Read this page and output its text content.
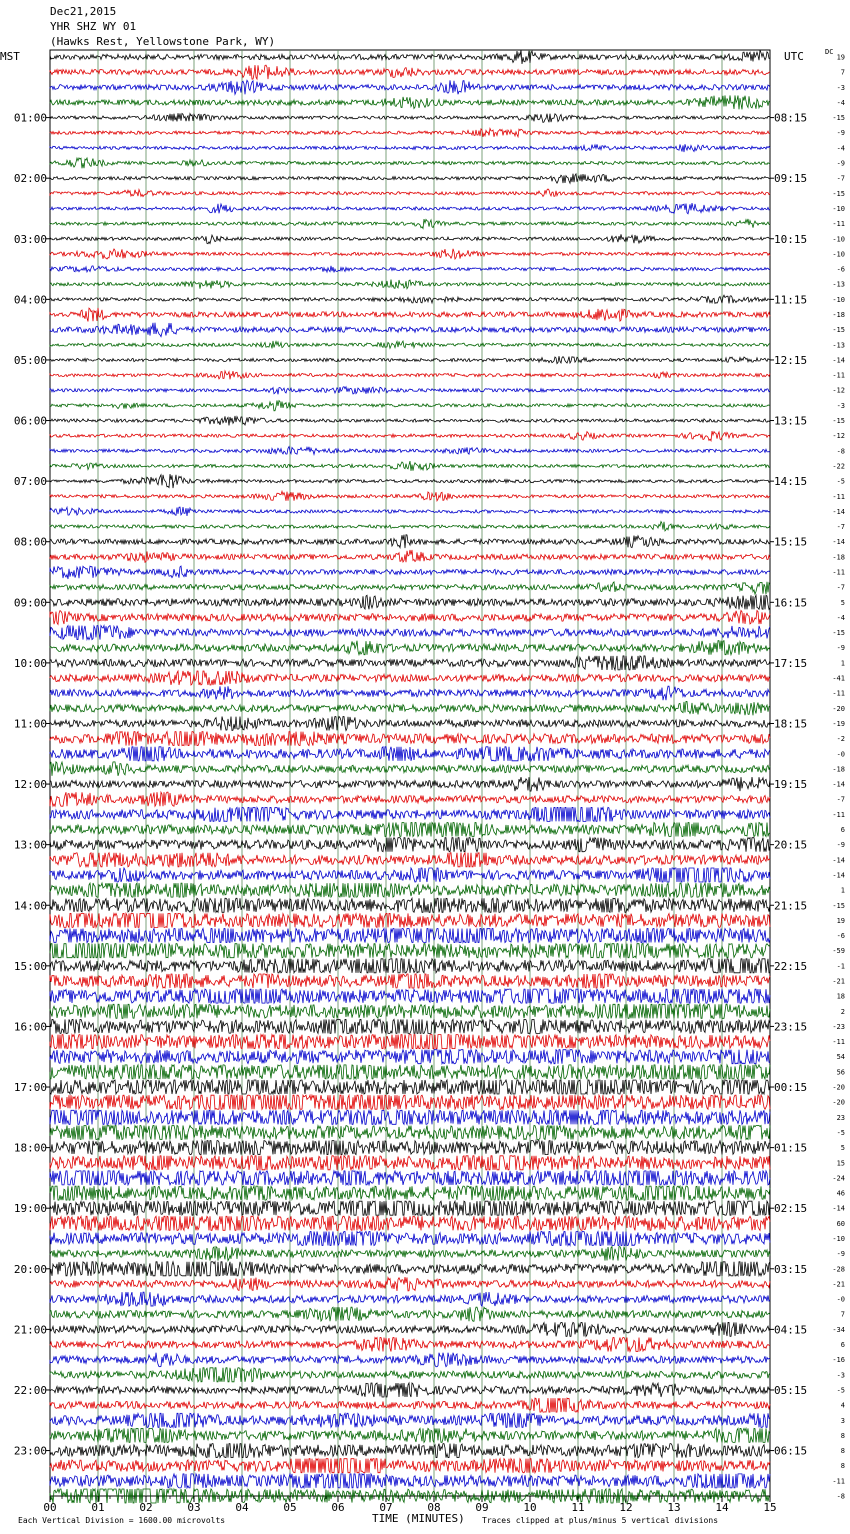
Dec21,2015
YHR SHZ WY 01
(Hawks Rest, Yellowstone Park, WY)
MST	UTC	DC
01:00
02:00
03:00
04:00
05:00
06:00
07:00
08:00
09:00
10:00
11:00
12:00
13:00
14:00
15:00
16:00
17:00
18:00
19:00
20:00
21:00
22:00
23:00
08:15
09:15
10:15
11:15
12:15
13:15
14:15
15:15
16:15
17:15
18:15
19:15
20:15
21:15
22:15
23:15
00:15
01:15
02:15
03:15
04:15
05:15
06:15
19
7
-3
-4
-15
-9
-4
-9
-7
-15
-10
-11
-10
-10
-6
-13
-10
-18
-15
-13
-14
-11
-12
-3
-15
-12
-8
-22
-5
-11
-14
-7
-14
-18
-11
-7
5
-4
-15
-9
1
-41
-11
-20
-19
-2
-0
-18
-14
-7
-11
6
-9
-14
-14
1
-15
19
-6
-59
-1
-21
18
2
-23
-11
54
56
-20
-20
23
-5
5
15
-24
46
-14
60
-10
-9
-28
-21
-0
7
-34
6
-16
-3
-5
4
3
8
8
8
-11
-8
00	01	02	03	04	05	06	07	08	09	10	11	12	13	14	15
Each Vertical Division = 1600.00 microvolts	TIME (MINUTES) Traces clipped at plus/minus 5 vertical divisions
